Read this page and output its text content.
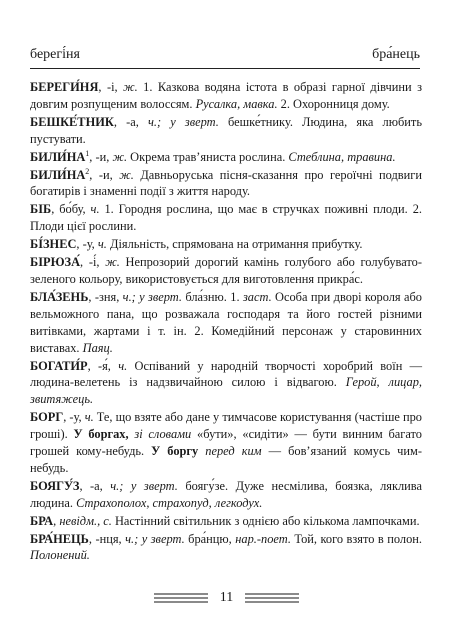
берегі́ня	бра́нець
БЕРЕГИ́НЯ, -і, ж. 1. Казкова водяна істота в образі гарної дівчини з довгим розпущеним волоссям. Русалка, мавка. 2. Охоронниця дому.
БЕШКЕ́ТНИК, -а, ч.; у зверт. бешке́тнику. Людина, яка любить пустувати.
$БИЛИ́НА^1$, -и, ж. Окрема трав’яниста рослина. Стеблина, травина.
$БИЛИ́НА^2$, -и, ж. Давньоруська пісня-сказання про героїчні подвиги богатирів і знаменні події з життя народу.
БІБ, бо́бу, ч. 1. Городня рослина, що має в стручках поживні плоди. 2. Плоди цієї рослини.
БІ́ЗНЕС, -у, ч. Діяльність, спрямована на отримання прибутку.
БІРЮЗА́, -і́, ж. Непрозорий дорогий камінь голубого або голубувато-зеленого кольору, використовується для виготовлення прикра́с.
БЛА́ЗЕНЬ, -зня, ч.; у зверт. бла́зню. 1. заст. Особа при дворі короля або вельможного пана, що розважала господаря та його гостей різними витівками, жартами і т. ін. 2. Комедійний персонаж у старовинних виставах. Паяц.
БОГАТИ́Р, -я́, ч. Оспіваний у народній творчості хоробрий воїн — людина-велетень із надзвичайною силою і відвагою. Герой, лицар, звитяжець.
БОРГ, -у, ч. Те, що взяте або дане у тимчасове користування (частіше про гроші). У боргах, зі словами «бути», «сидіти» — бути винним багато грошей кому-небудь. У боргу перед ким — бов’язаний комусь чим-небудь.
БОЯГУ́З, -а, ч.; у зверт. боягу́зе. Дуже несмілива, боязка, ляклива людина. Страхополох, страхопуд, легкодух.
БРА, невідм., с. Настінний світильник з однією або кількома лампочками.
БРА́НЕЦЬ, -нця, ч.; у зверт. бра́нцю, нар.-поет. Той, кого взято в полон. Полонений.
11
